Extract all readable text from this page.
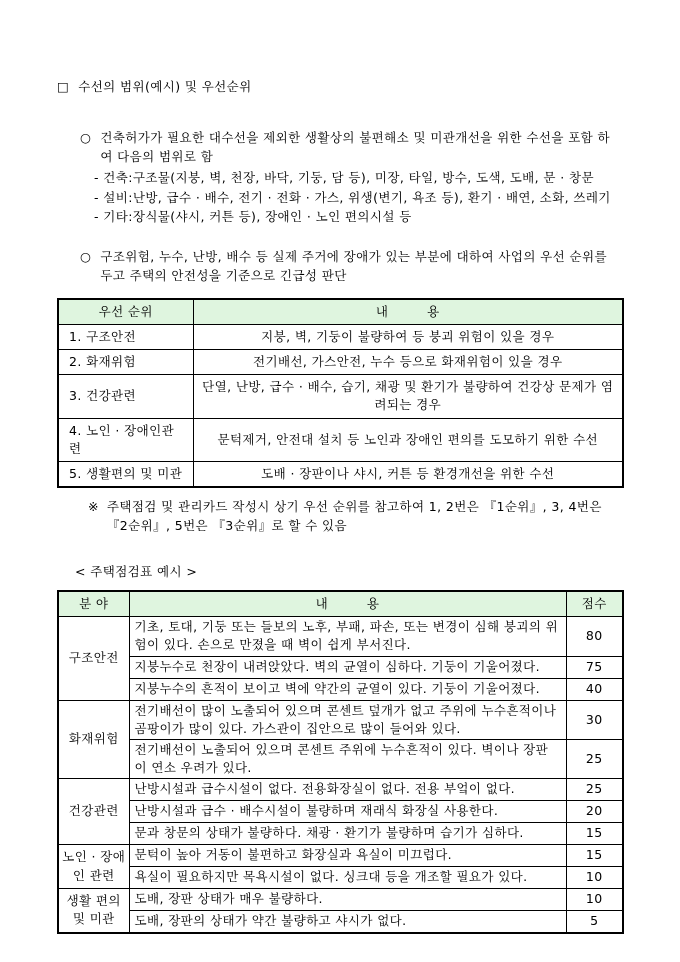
□ 수선의 범위(예시) 및 우선순위
○ 건축허가가 필요한 대수선을 제외한 생활상의 불편해소 및 미관개선을 위한 수선을 포함 하여 다음의 범위로 함
- 건축:구조물(지붕, 벽, 천장, 바닥, 기둥, 담 등), 미장, 타일, 방수, 도색, 도배, 문 · 창문
- 설비:난방, 급수 · 배수, 전기 · 전화 · 가스, 위생(변기, 욕조 등), 환기 · 배연, 소화, 쓰레기
- 기타:장식물(샤시, 커튼 등), 장애인 · 노인 편의시설 등
○ 구조위험, 누수, 난방, 배수 등 실제 주거에 장애가 있는 부분에 대하여 사업의 우선 순위를 두고 주택의 안전성을 기준으로 긴급성 판단
우선 순위	내　　　용
1. 구조안전	지붕, 벽, 기둥이 불량하여 등 붕괴 위험이 있을 경우
2. 화재위험	전기배선, 가스안전, 누수 등으로 화재위험이 있을 경우
3. 건강관련	단열, 난방, 급수 · 배수, 습기, 채광 및 환기가 불량하여 건강상 문제가 염려되는 경우
4. 노인 · 장애인관련	문턱제거, 안전대 설치 등 노인과 장애인 편의를 도모하기 위한 수선
5. 생활편의 및 미관	도배 · 장판이나 샤시, 커튼 등 환경개선을 위한 수선
※ 주택점검 및 관리카드 작성시 상기 우선 순위를 참고하여 1, 2번은 『1순위』, 3, 4번은 『2순위』, 5번은 『3순위』로 할 수 있음
< 주택점검표 예시 >
분 야	내　　　용	점수
구조안전	기초, 토대, 기둥 또는 들보의 노후, 부패, 파손, 또는 변경이 심해 붕괴의 위험이 있다. 손으로 만졌을 때 벽이 쉽게 부서진다.	80
	지붕누수로 천장이 내려앉았다. 벽의 균열이 심하다. 기둥이 기울어졌다.	75
	지붕누수의 흔적이 보이고 벽에 약간의 균열이 있다. 기둥이 기울어졌다.	40
화재위험	전기배선이 많이 노출되어 있으며 콘센트 덮개가 없고 주위에 누수흔적이나 곰팡이가 많이 있다. 가스관이 집안으로 많이 들어와 있다.	30
	전기배선이 노출되어 있으며 콘센트 주위에 누수흔적이 있다. 벽이나 장판이 연소 우려가 있다.	25
건강관련	난방시설과 급수시설이 없다. 전용화장실이 없다. 전용 부엌이 없다.	25
	난방시설과 급수 · 배수시설이 불량하며 재래식 화장실 사용한다.	20
	문과 창문의 상태가 불량하다. 채광 · 환기가 불량하며 습기가 심하다.	15
노인 · 장애인 관련	문턱이 높아 거동이 불편하고 화장실과 욕실이 미끄럽다.	15
	욕실이 필요하지만 목욕시설이 없다. 싱크대 등을 개조할 필요가 있다.	10
생활 편의 및 미관	도배, 장판 상태가 매우 불량하다.	10
	도배, 장판의 상태가 약간 불량하고 샤시가 없다.	5
